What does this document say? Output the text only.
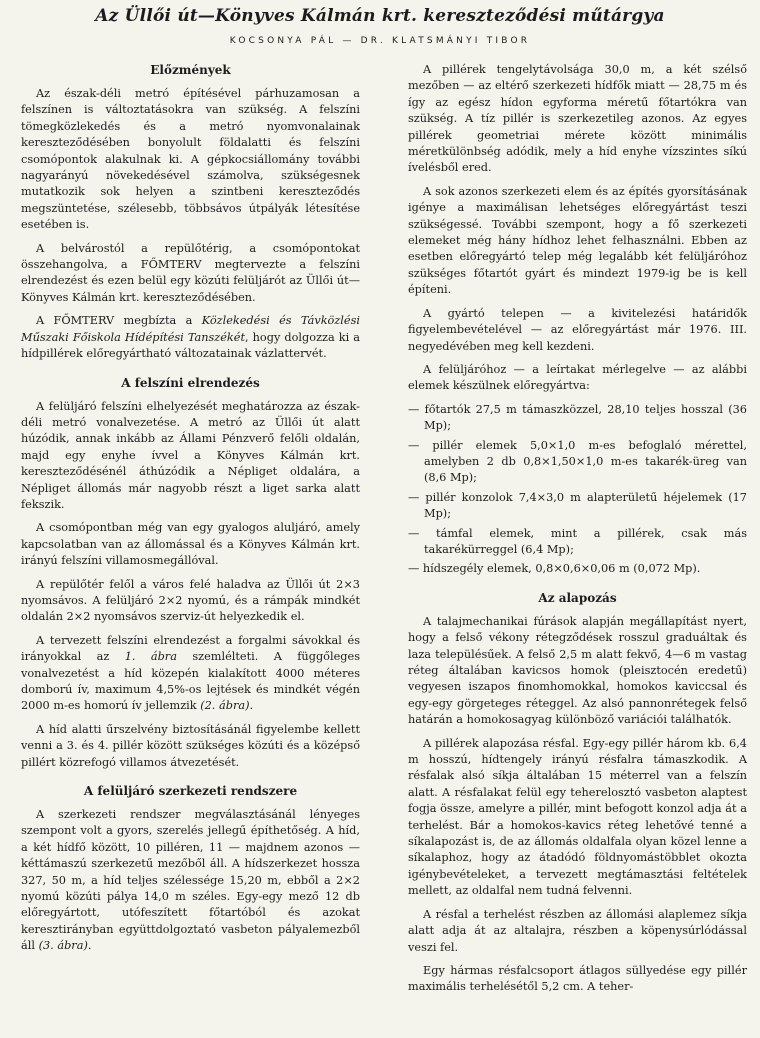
Az Üllői út—Könyves Kálmán krt. kereszteződési műtárgya
KOCSONYA PÁL — DR. KLATSMÁNYI TIBOR
Előzmények

Az észak-déli metró építésével párhuzamosan a felszínen is változtatásokra van szükség. A felszíni tömegközlekedés és a metró nyomvonalainak kereszteződésében bonyolult földalatti és felszíni csomópontok alakulnak ki. A gépkocsiállomány további nagyarányú növekedésével számolva, szükségesnek mutatkozik sok helyen a szintbeni kereszteződés megszüntetése, szélesebb, többsávos útpályák létesítése esetében is.

A belvárostól a repülőtérig, a csomópontokat összehangolva, a FŐMTERV megtervezte a felszíni elrendezést és ezen belül egy közúti felüljárót az Üllői út—Könyves Kálmán krt. kereszteződésében.

A FŐMTERV megbízta a Közlekedési és Távközlési Műszaki Főiskola Hídépítési Tanszékét, hogy dolgozza ki a hídpillérek előregyártható változatainak vázlattervét.

A felszíni elrendezés

A felüljáró felszíni elhelyezését meghatározza az észak-déli metró vonalvezetése. A metró az Üllői út alatt húzódik, annak inkább az Állami Pénzverő felőli oldalán, majd egy enyhe ívvel a Könyves Kálmán krt. kereszteződésénél áthúzódik a Népliget oldalára, a Népliget állomás már nagyobb részt a liget sarka alatt fekszik.

A csomópontban még van egy gyalogos aluljáró, amely kapcsolatban van az állomással és a Könyves Kálmán krt. irányú felszíni villamosmegállóval.

A repülőtér felől a város felé haladva az Üllői út 2×3 nyomsávos. A felüljáró 2×2 nyomú, és a rámpák mindkét oldalán 2×2 nyomsávos szerviz-út helyezkedik el.

A tervezett felszíni elrendezést a forgalmi sávokkal és irányokkal az 1. ábra szemlélteti. A függőleges vonalvezetést a híd közepén kialakított 4000 méteres domború ív, maximum 4,5%-os lejtések és mindkét végén 2000 m-es homorú ív jellemzik (2. ábra).

A híd alatti űrszelvény biztosításánál figyelembe kellett venni a 3. és 4. pillér között szükséges közúti és a középső pillért közrefogó villamos átvezetését.

A felüljáró szerkezeti rendszere

A szerkezeti rendszer megválasztásánál lényeges szempont volt a gyors, szerelés jellegű építhetőség. A híd, a két hídfő között, 10 pilléren, 11 — majdnem azonos — kéttámaszú szerkezetű mezőből áll. A hídszerkezet hossza 327, 50 m, a híd teljes szélessége 15,20 m, ebből a 2×2 nyomú közúti pálya 14,0 m széles. Egy-egy mező 12 db előregyártott, utófeszített főtartóból és azokat keresztirányban együttdolgoztató vasbeton pályalemezből áll (3. ábra).

A pillérek tengelytávolsága 30,0 m, a két szélső mezőben — az eltérő szerkezeti hídfők miatt — 28,75 m és így az egész hídon egyforma méretű főtartókra van szükség. A tíz pillér is szerkezetileg azonos. Az egyes pillérek geometriai mérete között minimális méretkülönbség adódik, mely a híd enyhe vízszintes síkú ívelésből ered.

A sok azonos szerkezeti elem és az építés gyorsításának igénye a maximálisan lehetséges előregyártást teszi szükségessé. További szempont, hogy a fő szerkezeti elemeket még hány hídhoz lehet felhasználni. Ebben az esetben előregyártó telep még legalább két felüljáróhoz szükséges főtartót gyárt és mindezt 1979-ig be is kell építeni.

A gyártó telepen — a kivitelezési határidők figyelembevételével — az előregyártást már 1976. III. negyedévében meg kell kezdeni.

A felüljáróhoz — a leírtakat mérlegelve — az alábbi elemek készülnek előregyártva:

— főtartók 27,5 m támaszközzel, 28,10 teljes hosszal (36 Mp);
— pillér elemek 5,0×1,0 m-es befoglaló mérettel, amelyben 2 db 0,8×1,50×1,0 m-es takarék-üreg van (8,6 Mp);
— pillér konzolok 7,4×3,0 m alapterületű héjelemek (17 Mp);
— támfal elemek, mint a pillérek, csak más takarékürreggel (6,4 Mp);
— hídszegély elemek, 0,8×0,6×0,06 m (0,072 Mp).
Az alapozás

A talajmechanikai fúrások alapján megállapítást nyert, hogy a felső vékony rétegződések rosszul graduáltak és laza településűek. A felső 2,5 m alatt fekvő, 4—6 m vastag réteg általában kavicsos homok (pleisztocén eredetű) vegyesen iszapos finomhomokkal, homokos kaviccsal és egy-egy görgeteges réteggel. Az alsó pannonrétegek felső határán a homokosagyag különböző variációi találhatók.

A pillérek alapozása résfal. Egy-egy pillér három kb. 6,4 m hosszú, hídtengely irányú résfalra támaszkodik. A résfalak alsó síkja általában 15 méterrel van a felszín alatt. A résfalakat felül egy teherelosztó vasbeton alaptest fogja össze, amelyre a pillér, mint befogott konzol adja át a terhelést. Bár a homokos-kavics réteg lehetővé tenné a síkalapozást is, de az állomás oldalfala olyan közel lenne a síkalaphoz, hogy az átadódó földnyomástöbblet okozta igénybevételeket, a tervezett megtámasztási feltételek mellett, az oldalfal nem tudná felvenni.

A résfal a terhelést részben az állomási alaplemez síkja alatt adja át az altalajra, részben a köpenysúrlódással veszi fel.

Egy hármas résfalcsoport átlagos süllyedése egy pillér maximális terhelésétől 5,2 cm. A teher-
